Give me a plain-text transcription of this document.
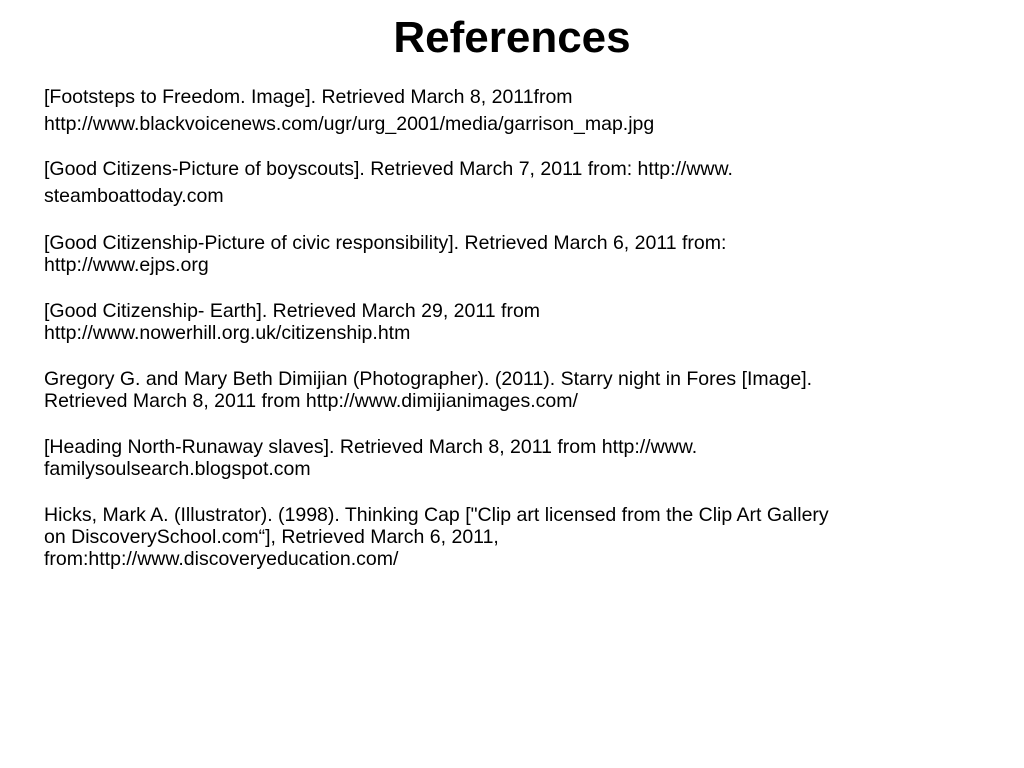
References
[Footsteps to Freedom. Image]. Retrieved March 8, 2011from
http://www.blackvoicenews.com/ugr/urg_2001/media/garrison_map.jpg
[Good Citizens-Picture of boyscouts]. Retrieved March 7, 2011 from: http://www.
steamboattoday.com
[Good Citizenship-Picture of civic responsibility]. Retrieved March 6, 2011 from:
http://www.ejps.org
[Good Citizenship- Earth]. Retrieved March 29, 2011 from
http://www.nowerhill.org.uk/citizenship.htm
Gregory G. and Mary Beth Dimijian (Photographer). (2011). Starry night in Fores [Image].
Retrieved March 8, 2011 from http://www.dimijianimages.com/
[Heading North-Runaway slaves]. Retrieved March 8, 2011 from http://www.
familysoulsearch.blogspot.com
Hicks, Mark A. (Illustrator). (1998). Thinking Cap ["Clip art licensed from the Clip Art Gallery
on DiscoverySchool.com“], Retrieved March 6, 2011,
from:http://www.discoveryeducation.com/
